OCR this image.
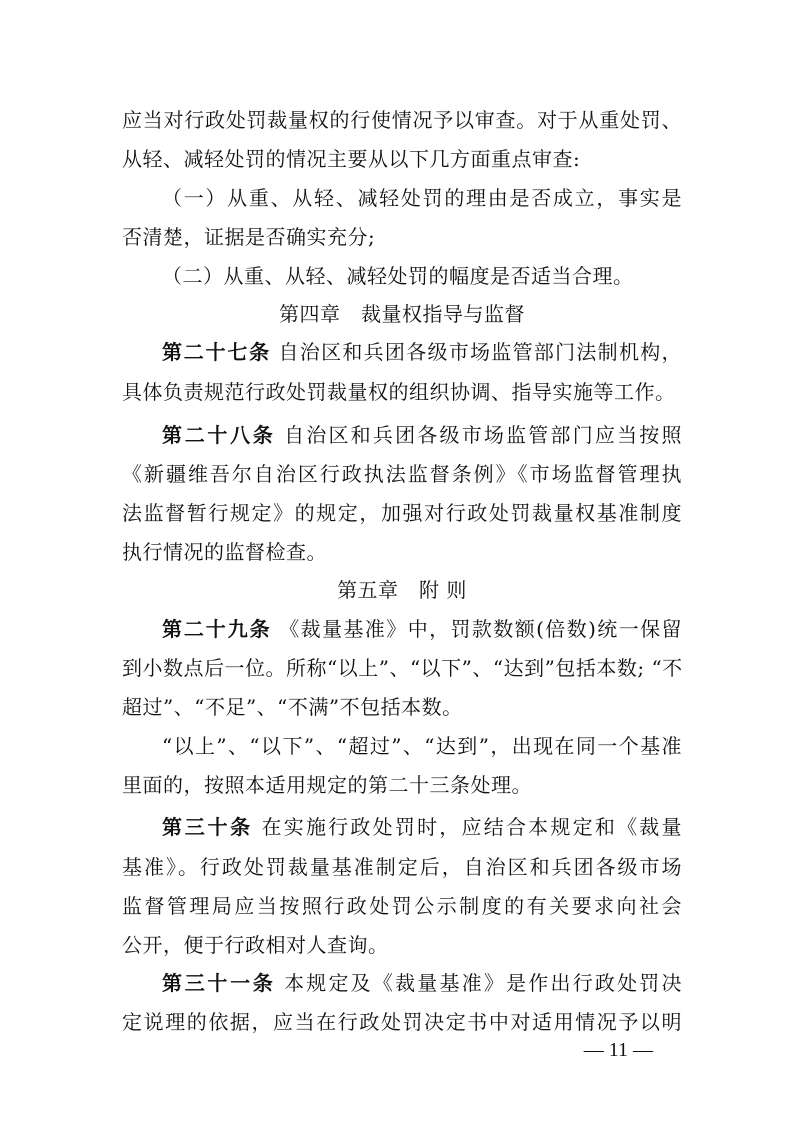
应当对行政处罚裁量权的行使情况予以审查。对于从重处罚、
从轻、减轻处罚的情况主要从以下几方面重点审查:
（一）从重、从轻、减轻处罚的理由是否成立，事实是
否清楚，证据是否确实充分;
（二）从重、从轻、减轻处罚的幅度是否适当合理。
第四章　裁量权指导与监督
第二十七条 自治区和兵团各级市场监管部门法制机构，
具体负责规范行政处罚裁量权的组织协调、指导实施等工作。
第二十八条 自治区和兵团各级市场监管部门应当按照
《新疆维吾尔自治区行政执法监督条例》《市场监督管理执
法监督暂行规定》的规定，加强对行政处罚裁量权基准制度
执行情况的监督检查。
第五章　附 则
第二十九条 《裁量基准》中，罚款数额(倍数)统一保留
到小数点后一位。所称“以上”、“以下”、“达到”包括本数; “不
超过”、“不足”、“不满”不包括本数。
“以上”、“以下”、“超过”、“达到”，出现在同一个基准
里面的，按照本适用规定的第二十三条处理。
第三十条 在实施行政处罚时，应结合本规定和《裁量
基准》。行政处罚裁量基准制定后，自治区和兵团各级市场
监督管理局应当按照行政处罚公示制度的有关要求向社会
公开，便于行政相对人查询。
第三十一条 本规定及《裁量基准》是作出行政处罚决
定说理的依据，应当在行政处罚决定书中对适用情况予以明
— 11 —
